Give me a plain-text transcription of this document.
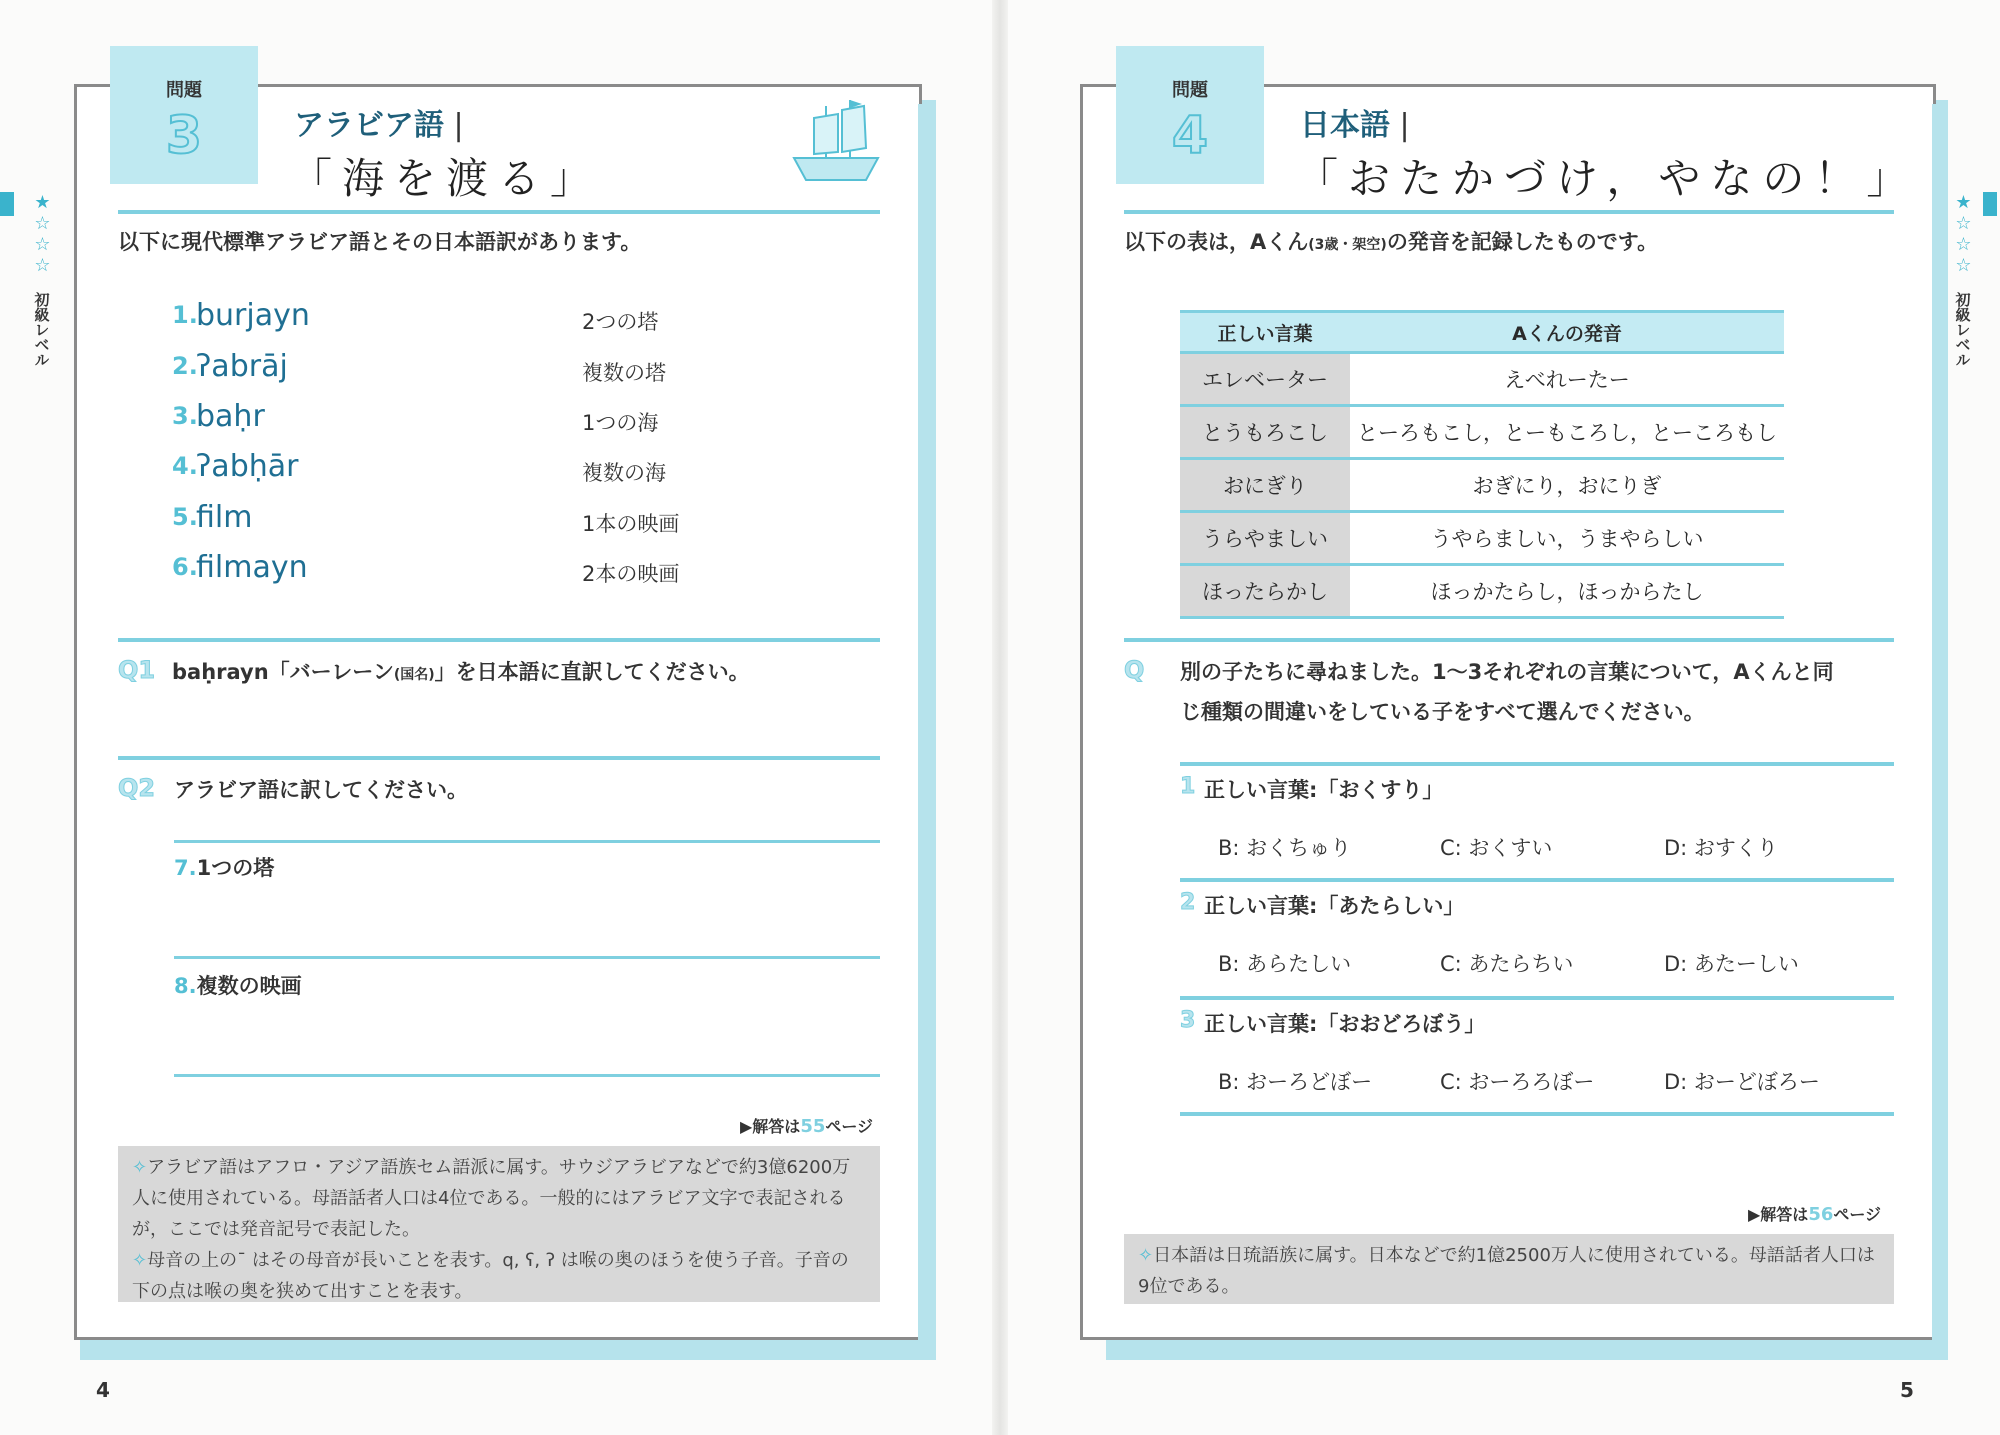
★☆☆☆
初級レベル
問題
3	アラビア語 |
「海を渡る」
以下に現代標準アラビア語とその日本語訳があります。
1.
burjayn	2つの塔
2.
ʔabrāj	複数の塔
3.
baḥr	1つの海
4.
ʔabḥār	複数の海
5.
film	1本の映画
6.
filmayn	2本の映画
Q1 baḥrayn「バーレーン(国名)」を日本語に直訳してください。
Q2 アラビア語に訳してください。
7.1つの塔
8.複数の映画
▶解答は55ページ

✧アラビア語はアフロ・アジア語族セム語派に属す。サウジアラビアなどで約3億6200万人に使用されている。母語話者人口は4位である。一般的にはアラビア文字で表記されるが，ここでは発音記号で表記した。

✧母音の上の¯ はその母音が長いことを表す。q, ʕ, ʔ は喉の奥のほうを使う子音。子音の下の点は喉の奥を狭めて出すことを表す。

4
★☆☆☆
初級レベル
問題
4	日本語 |
「おたかづけ，やなの！」
以下の表は，Aくん(3歳・架空)の発音を記録したものです。
正しい言葉	Aくんの発音
エレベーター	えべれーたー
とうもろこし	とーろもこし，とーもころし，とーころもし
おにぎり	おぎにり，おにりぎ
うらやましい	うやらましい，うまやらしい
ほったらかし	ほっかたらし，ほっからたし
Q 別の子たちに尋ねました。1〜3それぞれの言葉について，Aくんと同
じ種類の間違いをしている子をすべて選んでください。
1 正しい言葉:「おくすり」
B: おくちゅり	C: おくすい	D: おすくり
2 正しい言葉:「あたらしい」
B: あらたしい	C: あたらちい	D: あたーしい
3 正しい言葉:「おおどろぼう」
B: おーろどぼー	C: おーろろぼー	D: おーどぼろー
▶解答は56ページ

✧日本語は日琉語族に属す。日本などで約1億2500万人に使用されている。母語話者人口は9位である。

5
